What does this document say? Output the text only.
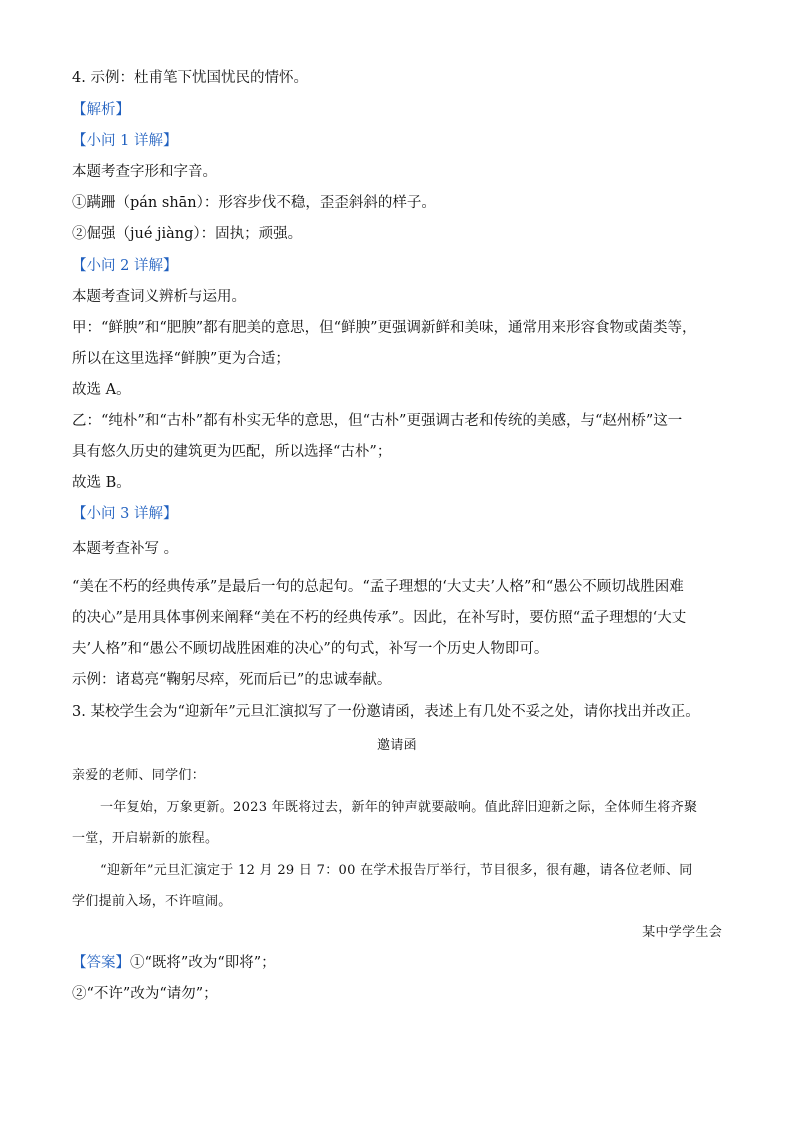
4. 示例：杜甫笔下忧国忧民的情怀。
【解析】
【小问 1 详解】
本题考查字形和字音。
①蹒跚（pán shān）：形容步伐不稳，歪歪斜斜的样子。
②倔强（jué jiàng）：固执；顽强。
【小问 2 详解】
本题考查词义辨析与运用。
甲：“鲜腴”和“肥腴”都有肥美的意思，但“鲜腴”更强调新鲜和美味，通常用来形容食物或菌类等，
所以在这里选择“鲜腴”更为合适；
故选 A。
乙：“纯朴”和“古朴”都有朴实无华的意思，但“古朴”更强调古老和传统的美感，与“赵州桥”这一
具有悠久历史的建筑更为匹配，所以选择“古朴”；
故选 B。
【小问 3 详解】
本题考查补写 。
“美在不朽的经典传承”是最后一句的总起句。“孟子理想的‘大丈夫’人格”和“愚公不顾切战胜困难
的决心”是用具体事例来阐释“美在不朽的经典传承”。因此，在补写时，要仿照“孟子理想的‘大丈
夫’人格”和“愚公不顾切战胜困难的决心”的句式，补写一个历史人物即可。
示例：诸葛亮“鞠躬尽瘁，死而后已”的忠诚奉献。
3. 某校学生会为“迎新年”元旦汇演拟写了一份邀请函，表述上有几处不妥之处，请你找出并改正。
邀请函
亲爱的老师、同学们：
一年复始，万象更新。2023 年既将过去，新年的钟声就要敲响。值此辞旧迎新之际，全体师生将齐聚
一堂，开启崭新的旅程。
“迎新年”元旦汇演定于 12 月 29 日 7：00 在学术报告厅举行，节目很多，很有趣，请各位老师、同
学们提前入场，不许喧闹。
某中学学生会
【答案】①“既将”改为“即将”；
②“不许”改为“请勿”；
